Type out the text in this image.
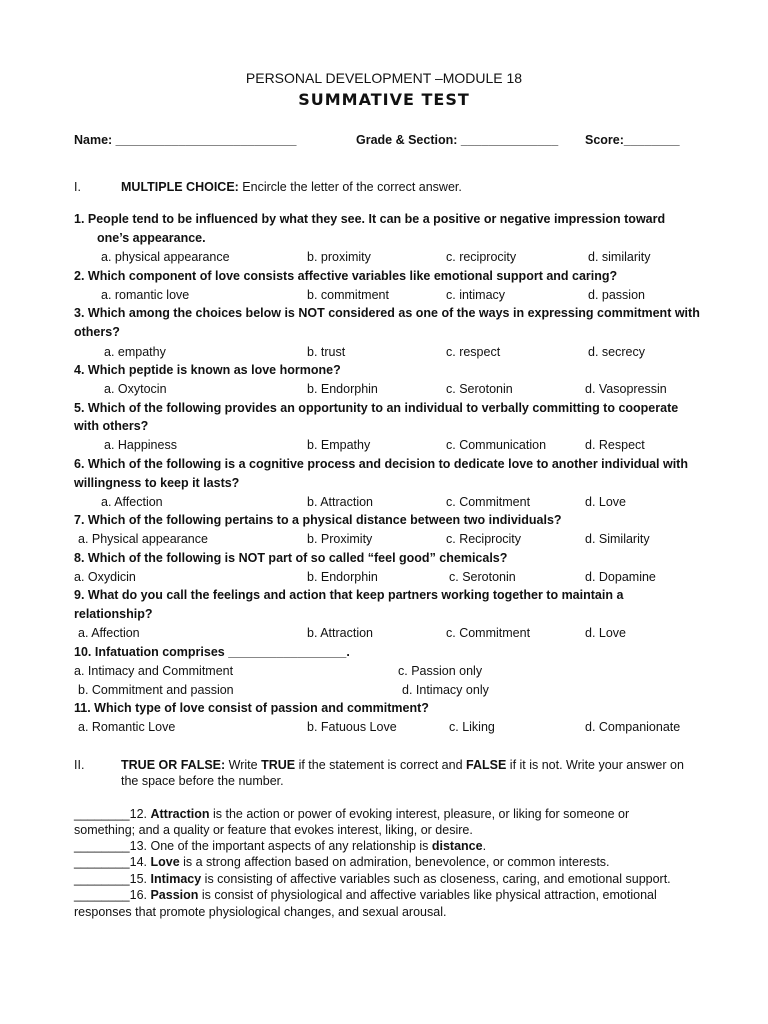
PERSONAL DEVELOPMENT –MODULE 18
SUMMATIVE TEST
Name: __________________________	Grade & Section: ______________ Score:________
I.	MULTIPLE CHOICE: Encircle the letter of the correct answer.
1. People tend to be influenced by what they see. It can be a positive or negative impression toward
one’s appearance.
a. physical appearance	b. proximity	c. reciprocity	d. similarity
2. Which component of love consists affective variables like emotional support and caring?
a. romantic love	b. commitment	c. intimacy	d. passion
3. Which among the choices below is NOT considered as one of the ways in expressing commitment with
others?
a. empathy	b. trust	c. respect	d. secrecy
4. Which peptide is known as love hormone?
a. Oxytocin	b. Endorphin	c. Serotonin	d. Vasopressin
5. Which of the following provides an opportunity to an individual to verbally committing to cooperate
with others?
a. Happiness	b. Empathy	c. Communication	d. Respect
6. Which of the following is a cognitive process and decision to dedicate love to another individual with
willingness to keep it lasts?
a. Affection	b. Attraction	c. Commitment	d. Love
7. Which of the following pertains to a physical distance between two individuals?
a. Physical appearance	b. Proximity	c. Reciprocity	d. Similarity
8. Which of the following is NOT part of so called “feel good” chemicals?
a. Oxydicin	b. Endorphin	c. Serotonin	d. Dopamine
9. What do you call the feelings and action that keep partners working together to maintain a
relationship?
a. Affection	b. Attraction	c. Commitment	d. Love
10. Infatuation comprises _________________.
a. Intimacy and Commitment	c. Passion only
b. Commitment and passion	d. Intimacy only
11. Which type of love consist of passion and commitment?
a. Romantic Love	b. Fatuous Love	c. Liking	d. Companionate
II.	TRUE OR FALSE: Write TRUE if the statement is correct and FALSE if it is not. Write your answer on
the space before the number.
________12. Attraction is the action or power of evoking interest, pleasure, or liking for someone or
something; and a quality or feature that evokes interest, liking, or desire.
________13. One of the important aspects of any relationship is distance.
________14. Love is a strong affection based on admiration, benevolence, or common interests.
________15. Intimacy is consisting of affective variables such as closeness, caring, and emotional support.
________16. Passion is consist of physiological and affective variables like physical attraction, emotional
responses that promote physiological changes, and sexual arousal.
